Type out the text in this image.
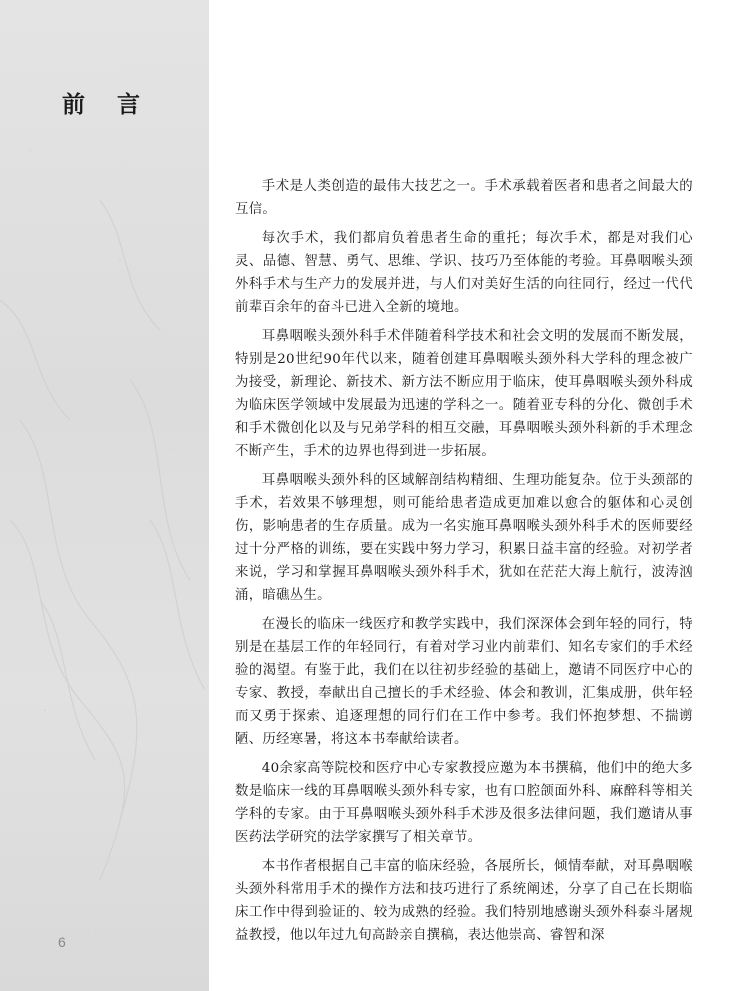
前 言
6

手术是人类创造的最伟大技艺之一。手术承载着医者和患者之间最大的互信。

每次手术，我们都肩负着患者生命的重托；每次手术，都是对我们心灵、品德、智慧、勇气、思维、学识、技巧乃至体能的考验。耳鼻咽喉头颈外科手术与生产力的发展并进，与人们对美好生活的向往同行，经过一代代前辈百余年的奋斗已进入全新的境地。

耳鼻咽喉头颈外科手术伴随着科学技术和社会文明的发展而不断发展，特别是20世纪90年代以来，随着创建耳鼻咽喉头颈外科大学科的理念被广为接受，新理论、新技术、新方法不断应用于临床，使耳鼻咽喉头颈外科成为临床医学领域中发展最为迅速的学科之一。随着亚专科的分化、微创手术和手术微创化以及与兄弟学科的相互交融，耳鼻咽喉头颈外科新的手术理念不断产生，手术的边界也得到进一步拓展。

耳鼻咽喉头颈外科的区域解剖结构精细、生理功能复杂。位于头颈部的手术，若效果不够理想，则可能给患者造成更加难以愈合的躯体和心灵创伤，影响患者的生存质量。成为一名实施耳鼻咽喉头颈外科手术的医师要经过十分严格的训练，要在实践中努力学习，积累日益丰富的经验。对初学者来说，学习和掌握耳鼻咽喉头颈外科手术，犹如在茫茫大海上航行，波涛汹涌，暗礁丛生。

在漫长的临床一线医疗和教学实践中，我们深深体会到年轻的同行，特别是在基层工作的年轻同行，有着对学习业内前辈们、知名专家们的手术经验的渴望。有鉴于此，我们在以往初步经验的基础上，邀请不同医疗中心的专家、教授，奉献出自己擅长的手术经验、体会和教训，汇集成册，供年轻而又勇于探索、追逐理想的同行们在工作中参考。我们怀抱梦想、不揣谫陋、历经寒暑，将这本书奉献给读者。

40余家高等院校和医疗中心专家教授应邀为本书撰稿，他们中的绝大多数是临床一线的耳鼻咽喉头颈外科专家，也有口腔颌面外科、麻醉科等相关学科的专家。由于耳鼻咽喉头颈外科手术涉及很多法律问题，我们邀请从事医药法学研究的法学家撰写了相关章节。

本书作者根据自己丰富的临床经验，各展所长，倾情奉献，对耳鼻咽喉头颈外科常用手术的操作方法和技巧进行了系统阐述，分享了自己在长期临床工作中得到验证的、较为成熟的经验。我们特别地感谢头颈外科泰斗屠规益教授，他以年过九旬高龄亲自撰稿，表达他崇高、睿智和深
